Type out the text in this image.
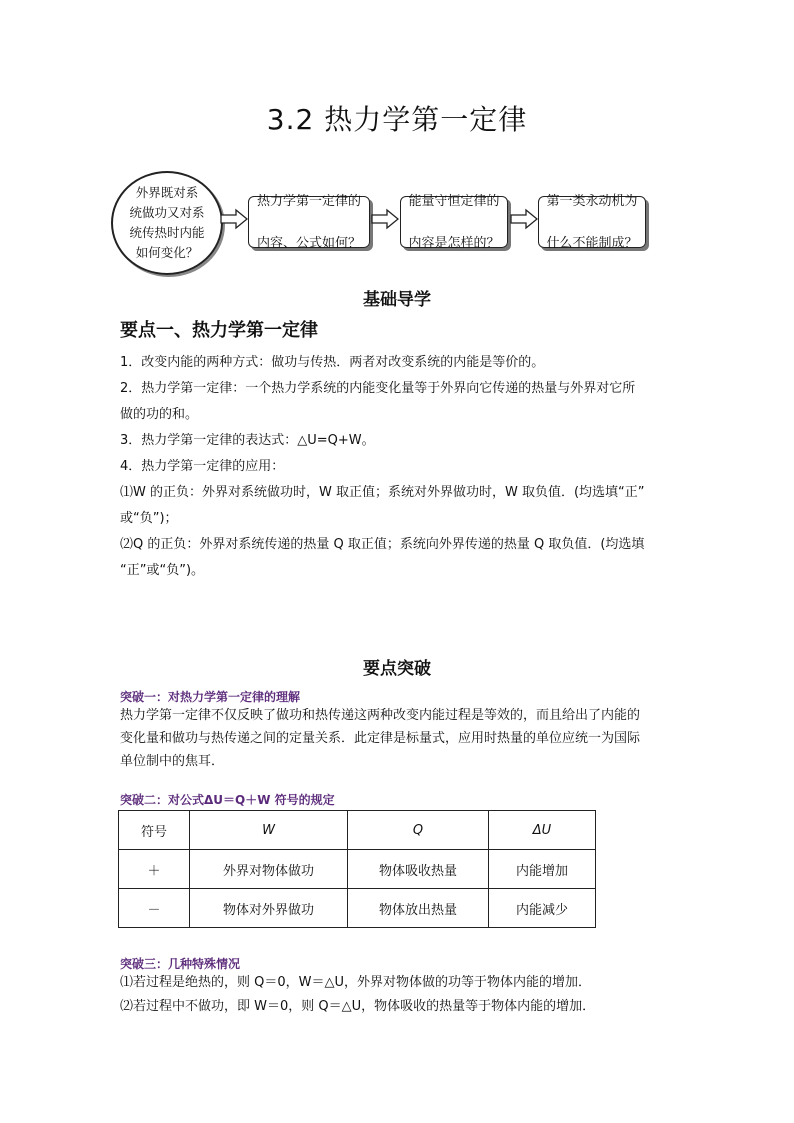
3.2 热力学第一定律
外界既对系
统做功又对系
统传热时内能
如何变化？
热力学第一定律的

内容、公式如何？
能量守恒定律的

内容是怎样的？
第一类永动机为

什么不能制成？
基础导学
要点一、热力学第一定律
1．改变内能的两种方式：做功与传热．两者对改变系统的内能是等价的。
2．热力学第一定律：一个热力学系统的内能变化量等于外界向它传递的热量与外界对它所
做的功的和。
3．热力学第一定律的表达式：△U=Q+W。
4．热力学第一定律的应用：
⑴W 的正负：外界对系统做功时，W 取正值；系统对外界做功时，W 取负值．(均选填“正”
或“负”)；
⑵Q 的正负：外界对系统传递的热量 Q 取正值；系统向外界传递的热量 Q 取负值．(均选填
“正”或“负”)。
要点突破
突破一：对热力学第一定律的理解
热力学第一定律不仅反映了做功和热传递这两种改变内能过程是等效的，而且给出了内能的
变化量和做功与热传递之间的定量关系．此定律是标量式，应用时热量的单位应统一为国际
单位制中的焦耳．
突破二：对公式ΔU＝Q＋W 符号的规定
符号	W	Q	ΔU
＋	外界对物体做功	物体吸收热量	内能增加
－	物体对外界做功	物体放出热量	内能减少
突破三：几种特殊情况
⑴若过程是绝热的，则 Q＝0，W＝△U，外界对物体做的功等于物体内能的增加．
⑵若过程中不做功，即 W＝0，则 Q＝△U，物体吸收的热量等于物体内能的增加．
